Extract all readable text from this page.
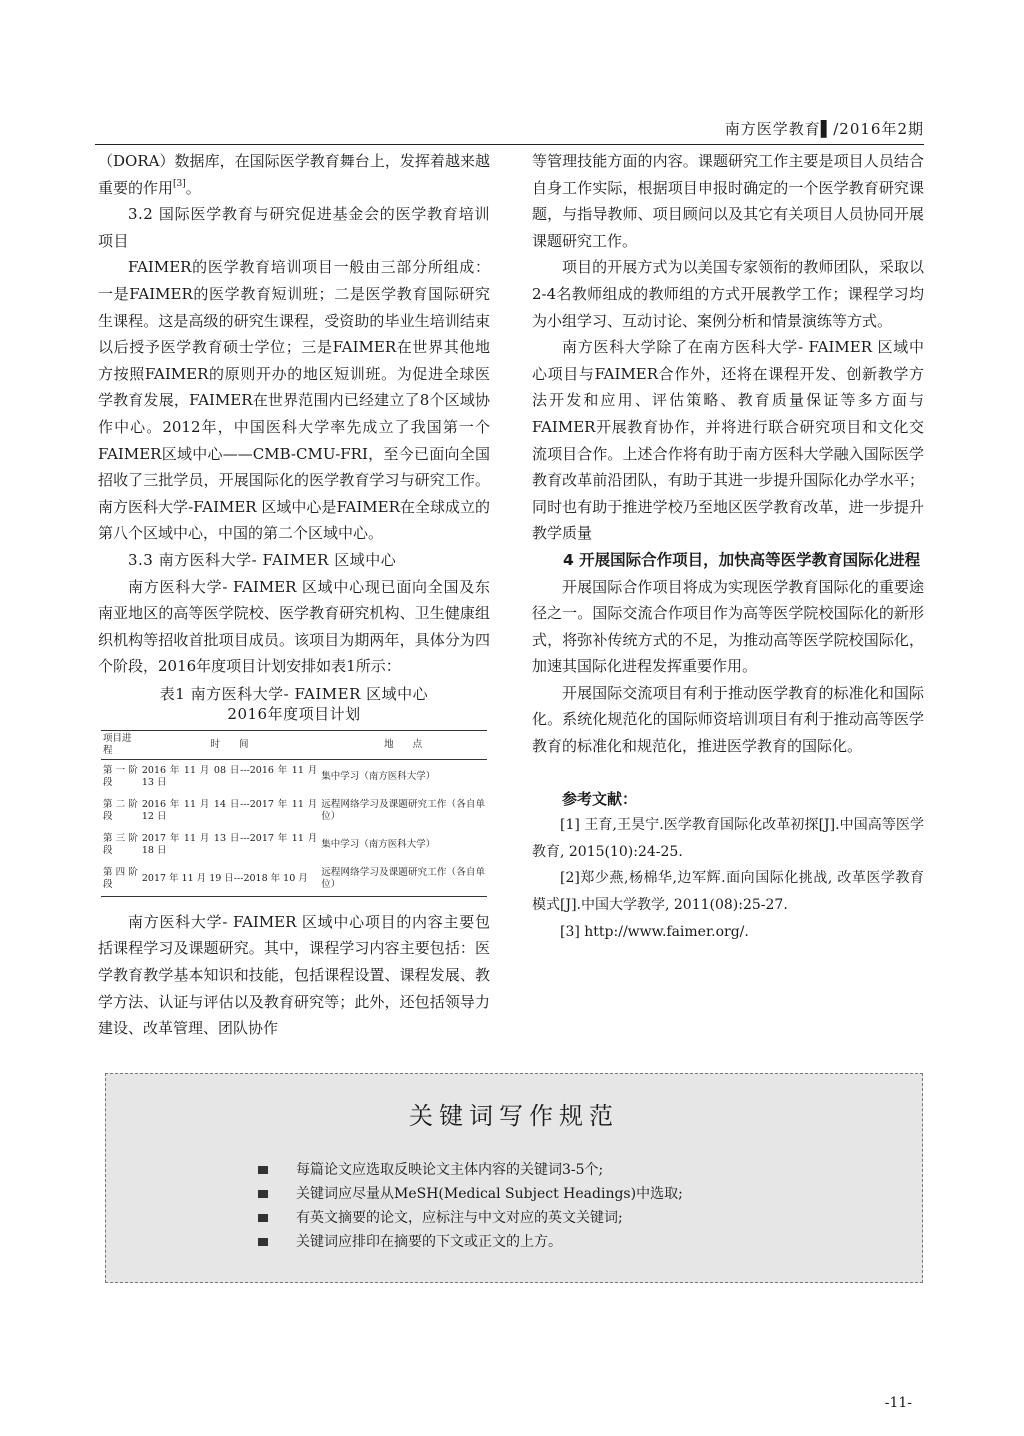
南方医学教育▌/2016年2期

（DORA）数据库，在国际医学教育舞台上，发挥着越来越重要的作用[3]。

3.2 国际医学教育与研究促进基金会的医学教育培训项目

FAIMER的医学教育培训项目一般由三部分所组成：一是FAIMER的医学教育短训班；二是医学教育国际研究生课程。这是高级的研究生课程，受资助的毕业生培训结束以后授予医学教育硕士学位；三是FAIMER在世界其他地方按照FAIMER的原则开办的地区短训班。为促进全球医学教育发展，FAIMER在世界范围内已经建立了8个区域协作中心。2012年，中国医科大学率先成立了我国第一个FAIMER区域中心——CMB-CMU-FRI，至今已面向全国招收了三批学员，开展国际化的医学教育学习与研究工作。南方医科大学-FAIMER 区域中心是FAIMER在全球成立的第八个区域中心，中国的第二个区域中心。

3.3 南方医科大学- FAIMER 区域中心

南方医科大学- FAIMER 区域中心现已面向全国及东南亚地区的高等医学院校、医学教育研究机构、卫生健康组织机构等招收首批项目成员。该项目为期两年，具体分为四个阶段，2016年度项目计划安排如表1所示：

表1 南方医科大学- FAIMER 区域中心
2016年度项目计划
项目进程	时　　间	地　　点
第一阶段	2016 年 11 月 08 日---2016 年 11 月 13 日	集中学习（南方医科大学）
第二阶段	2016 年 11 月 14 日---2017 年 11 月 12 日	远程网络学习及课题研究工作（各自单位）
第三阶段	2017 年 11 月 13 日---2017 年 11 月 18 日	集中学习（南方医科大学）
第四阶段	2017 年 11 月 19 日---2018 年 10 月	远程网络学习及课题研究工作（各自单位）

南方医科大学- FAIMER 区域中心项目的内容主要包括课程学习及课题研究。其中，课程学习内容主要包括：医学教育教学基本知识和技能，包括课程设置、课程发展、教学方法、认证与评估以及教育研究等；此外，还包括领导力建设、改革管理、团队协作

等管理技能方面的内容。课题研究工作主要是项目人员结合自身工作实际，根据项目申报时确定的一个医学教育研究课题，与指导教师、项目顾问以及其它有关项目人员协同开展课题研究工作。

项目的开展方式为以美国专家领衔的教师团队，采取以2-4名教师组成的教师组的方式开展教学工作；课程学习均为小组学习、互动讨论、案例分析和情景演练等方式。

南方医科大学除了在南方医科大学- FAIMER 区域中心项目与FAIMER合作外，还将在课程开发、创新教学方法开发和应用、评估策略、教育质量保证等多方面与FAIMER开展教育协作，并将进行联合研究项目和文化交流项目合作。上述合作将有助于南方医科大学融入国际医学教育改革前沿团队，有助于其进一步提升国际化办学水平；同时也有助于推进学校乃至地区医学教育改革，进一步提升教学质量

4 开展国际合作项目，加快高等医学教育国际化进程

开展国际合作项目将成为实现医学教育国际化的重要途径之一。国际交流合作项目作为高等医学院校国际化的新形式，将弥补传统方式的不足，为推动高等医学院校国际化，加速其国际化进程发挥重要作用。

开展国际交流项目有利于推动医学教育的标准化和国际化。系统化规范化的国际师资培训项目有利于推动高等医学教育的标准化和规范化，推进医学教育的国际化。

参考文献：

[1] 王育,王昊宁.医学教育国际化改革初探[J].中国高等医学教育, 2015(10):24-25.

[2]郑少燕,杨棉华,边军辉.面向国际化挑战, 改革医学教育模式[J].中国大学教学, 2011(08):25-27.

[3] http://www.faimer.org/.

关键词写作规范
每篇论文应选取反映论文主体内容的关键词3-5个;
关键词应尽量从MeSH(Medical Subject Headings)中选取;
有英文摘要的论文，应标注与中文对应的英文关键词;
关键词应排印在摘要的下文或正文的上方。
-11-
